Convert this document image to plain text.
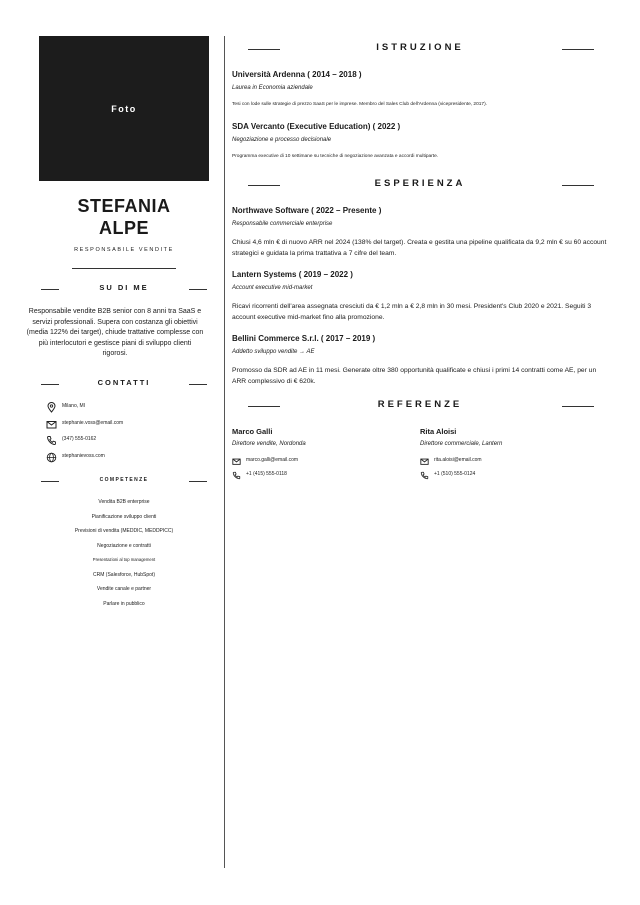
Foto
STEFANIA
ALPE
RESPONSABILE VENDITE
SU DI ME
Responsabile vendite B2B senior con 8 anni tra SaaS e servizi professionali. Supera con costanza gli obiettivi (media 122% dei target), chiude trattative complesse con più interlocutori e gestisce piani di sviluppo clienti rigorosi.
CONTATTI
Milano, MI
stephanie.voss@email.com
(347) 555-0162
stephanievoss.com
COMPETENZE
Vendita B2B enterprise
Pianificazione sviluppo clienti
Previsioni di vendita (MEDDIC, MEDDPICC)
Negoziazione e contratti
Presentazioni al top management
CRM (Salesforce, HubSpot)
Vendite canale e partner
Parlare in pubblico
ISTRUZIONE
Università Ardenna ( 2014 – 2018 )
Laurea in Economia aziendale
Tesi con lode sulle strategie di prezzo SaaS per le imprese. Membro del Sales Club dell'Ardenna (vicepresidente, 2017).
SDA Vercanto (Executive Education) ( 2022 )
Negoziazione e processo decisionale
Programma executive di 10 settimane su tecniche di negoziazione avanzata e accordi multiparte.
ESPERIENZA
Northwave Software ( 2022 – Presente )
Responsabile commerciale enterprise
Chiusi 4,6 mln € di nuovo ARR nel 2024 (138% del target). Creata e gestita una pipeline qualificata da 9,2 mln € su 60 account strategici e guidata la prima trattativa a 7 cifre del team.
Lantern Systems ( 2019 – 2022 )
Account executive mid-market
Ricavi ricorrenti dell'area assegnata cresciuti da € 1,2 mln a € 2,8 mln in 30 mesi. President's Club 2020 e 2021. Seguiti 3 account executive mid-market fino alla promozione.
Bellini Commerce S.r.l. ( 2017 – 2019 )
Addetto sviluppo vendite → AE
Promosso da SDR ad AE in 11 mesi. Generate oltre 380 opportunità qualificate e chiusi i primi 14 contratti come AE, per un ARR complessivo di € 620k.
REFERENZE
Marco Galli
Direttore vendite, Nordonda
marco.galli@email.com
+1 (415) 555-0118
Rita Aloisi
Direttore commerciale, Lantern
rita.aloisi@email.com
+1 (510) 555-0124
